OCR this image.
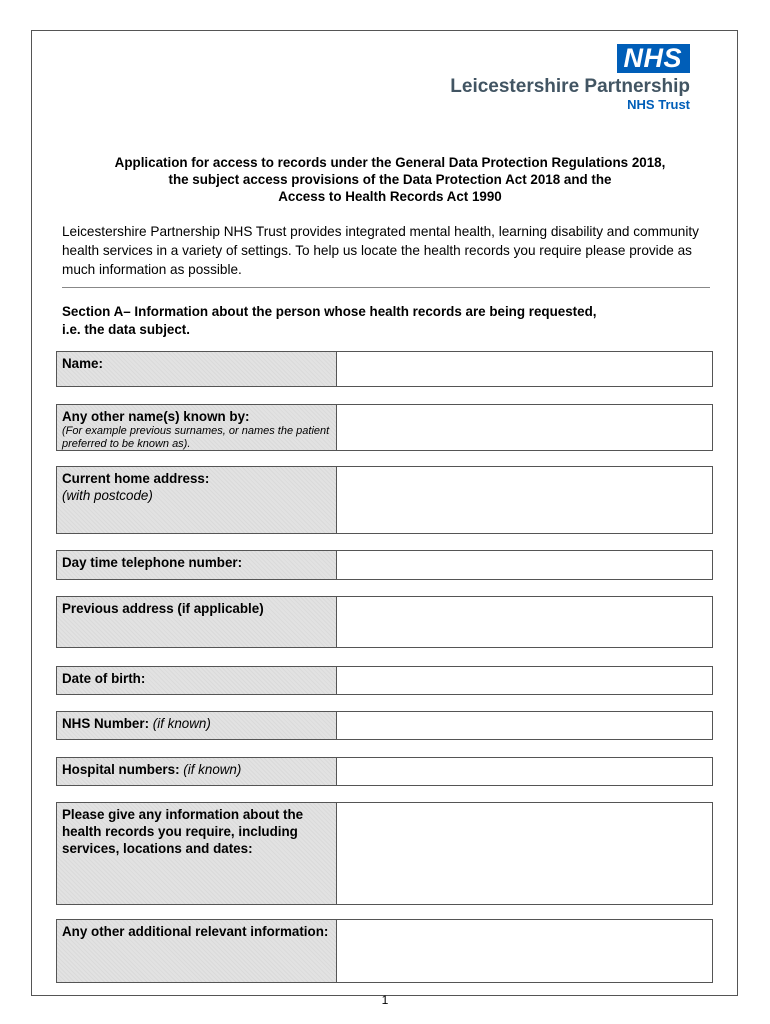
NHS
Leicestershire Partnership
NHS Trust
Application for access to records under the General Data Protection Regulations 2018,
the subject access provisions of the Data Protection Act 2018 and the
Access to Health Records Act 1990
Leicestershire Partnership NHS Trust provides integrated mental health, learning disability and community health services in a variety of settings. To help us locate the health records you require please provide as much information as possible.
Section A– Information about the person whose health records are being requested,
i.e. the data subject.
Name:
Any other name(s) known by:
(For example previous surnames, or names the patient preferred to be known as).
Current home address:
(with postcode)
Day time telephone number:
Previous address (if applicable)
Date of birth:
NHS Number: (if known)
Hospital numbers: (if known)
Please give any information about the health records you require, including services, locations and dates:
Any other additional relevant information:
1
